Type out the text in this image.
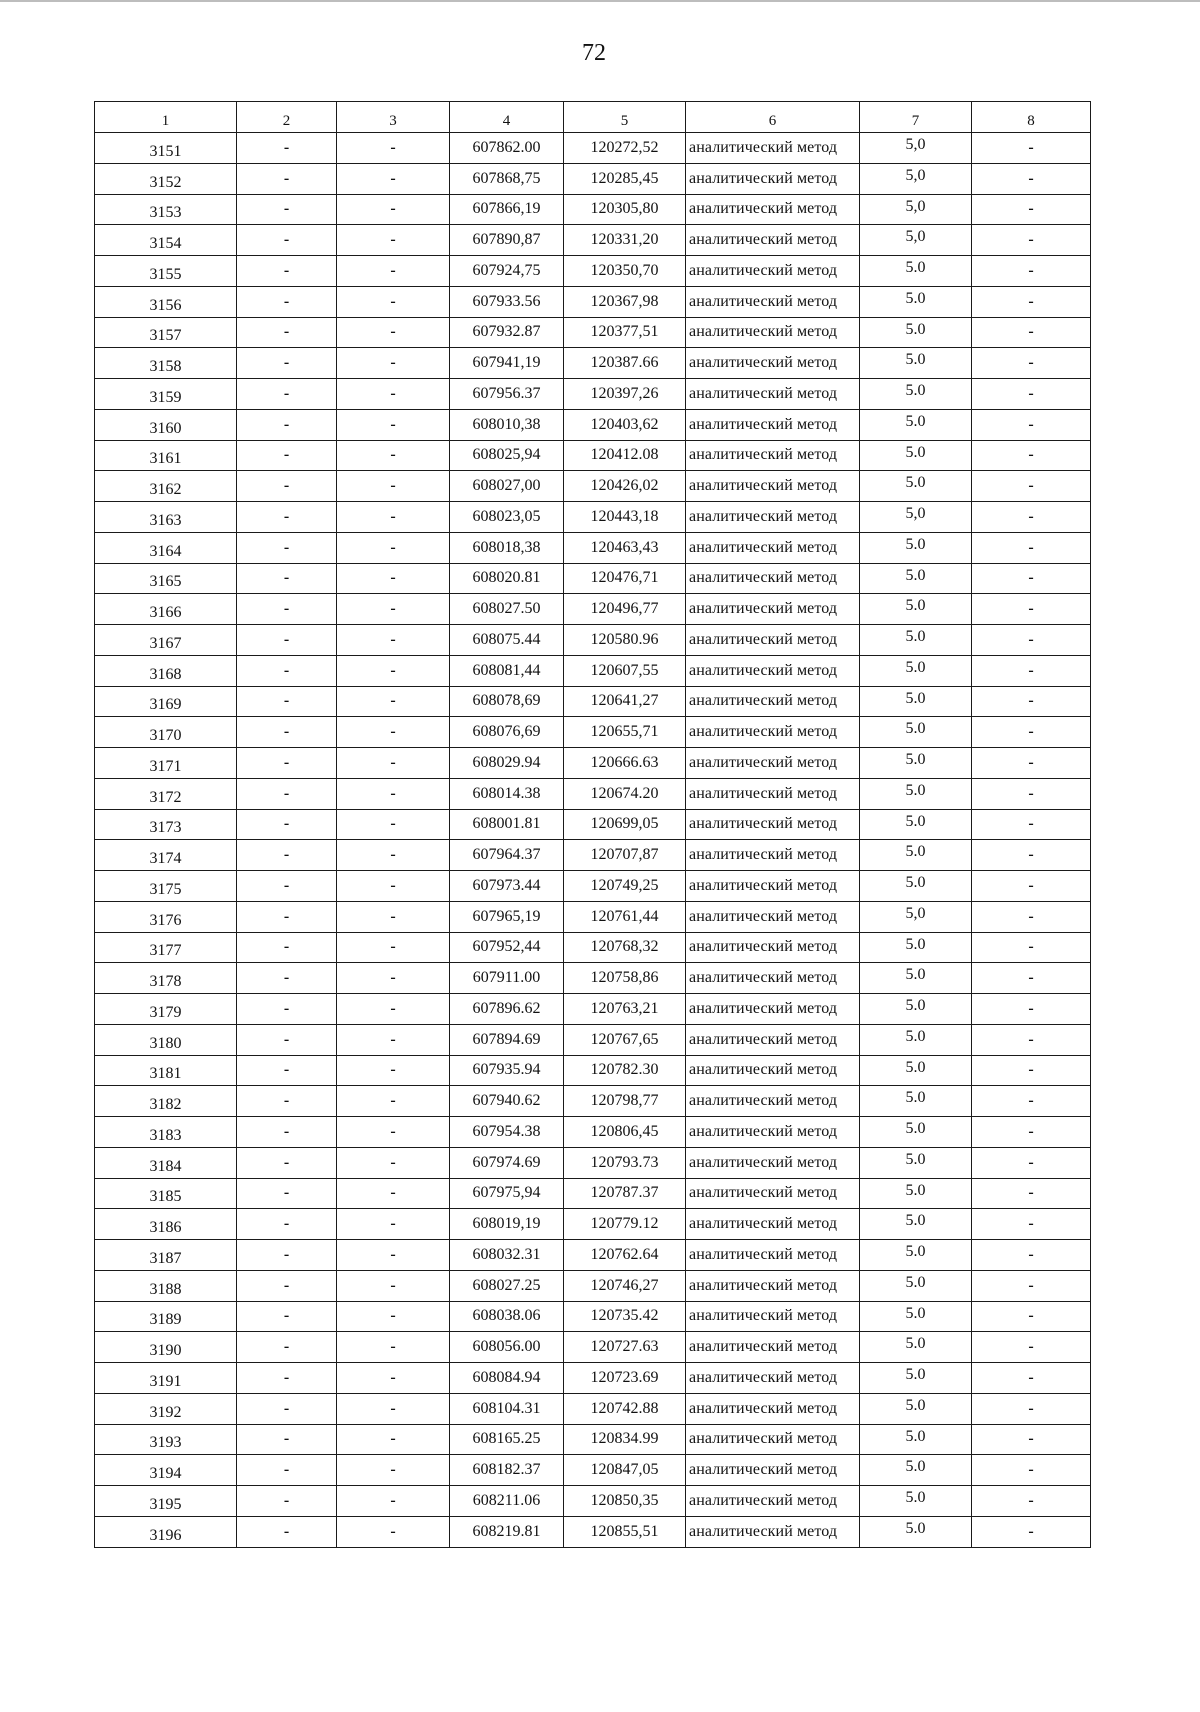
72
1	2	3	4	5	6	7	8
3151	-	-	607862.00	120272,52	аналитический метод	5,0	-
3152	-	-	607868,75	120285,45	аналитический метод	5,0	-
3153	-	-	607866,19	120305,80	аналитический метод	5,0	-
3154	-	-	607890,87	120331,20	аналитический метод	5,0	-
3155	-	-	607924,75	120350,70	аналитический метод	5.0	-
3156	-	-	607933.56	120367,98	аналитический метод	5.0	-
3157	-	-	607932.87	120377,51	аналитический метод	5.0	-
3158	-	-	607941,19	120387.66	аналитический метод	5.0	-
3159	-	-	607956.37	120397,26	аналитический метод	5.0	-
3160	-	-	608010,38	120403,62	аналитический метод	5.0	-
3161	-	-	608025,94	120412.08	аналитический метод	5.0	-
3162	-	-	608027,00	120426,02	аналитический метод	5.0	-
3163	-	-	608023,05	120443,18	аналитический метод	5,0	-
3164	-	-	608018,38	120463,43	аналитический метод	5.0	-
3165	-	-	608020.81	120476,71	аналитический метод	5.0	-
3166	-	-	608027.50	120496,77	аналитический метод	5.0	-
3167	-	-	608075.44	120580.96	аналитический метод	5.0	-
3168	-	-	608081,44	120607,55	аналитический метод	5.0	-
3169	-	-	608078,69	120641,27	аналитический метод	5.0	-
3170	-	-	608076,69	120655,71	аналитический метод	5.0	-
3171	-	-	608029.94	120666.63	аналитический метод	5.0	-
3172	-	-	608014.38	120674.20	аналитический метод	5.0	-
3173	-	-	608001.81	120699,05	аналитический метод	5.0	-
3174	-	-	607964.37	120707,87	аналитический метод	5.0	-
3175	-	-	607973.44	120749,25	аналитический метод	5.0	-
3176	-	-	607965,19	120761,44	аналитический метод	5,0	-
3177	-	-	607952,44	120768,32	аналитический метод	5.0	-
3178	-	-	607911.00	120758,86	аналитический метод	5.0	-
3179	-	-	607896.62	120763,21	аналитический метод	5.0	-
3180	-	-	607894.69	120767,65	аналитический метод	5.0	-
3181	-	-	607935.94	120782.30	аналитический метод	5.0	-
3182	-	-	607940.62	120798,77	аналитический метод	5.0	-
3183	-	-	607954.38	120806,45	аналитический метод	5.0	-
3184	-	-	607974.69	120793.73	аналитический метод	5.0	-
3185	-	-	607975,94	120787.37	аналитический метод	5.0	-
3186	-	-	608019,19	120779.12	аналитический метод	5.0	-
3187	-	-	608032.31	120762.64	аналитический метод	5.0	-
3188	-	-	608027.25	120746,27	аналитический метод	5.0	-
3189	-	-	608038.06	120735.42	аналитический метод	5.0	-
3190	-	-	608056.00	120727.63	аналитический метод	5.0	-
3191	-	-	608084.94	120723.69	аналитический метод	5.0	-
3192	-	-	608104.31	120742.88	аналитический метод	5.0	-
3193	-	-	608165.25	120834.99	аналитический метод	5.0	-
3194	-	-	608182.37	120847,05	аналитический метод	5.0	-
3195	-	-	608211.06	120850,35	аналитический метод	5.0	-
3196	-	-	608219.81	120855,51	аналитический метод	5.0	-
